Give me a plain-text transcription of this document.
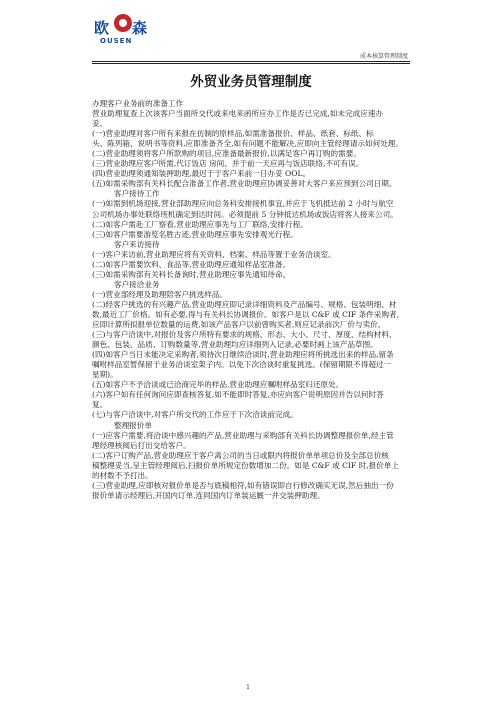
欧 森
OUSEN
成本核算管理制度
外贸业务员管理制度
办理客户业务前的准备工作
营业助理复查上次该客户当面所交代或来电来函所应办工作是否已完成,如未完成应速办
妥。
(一)营业助理对客户所有来报在仿制的原样品,如需准备报价、样品、纸套、标纸、标
头、陈列箱、说明书等资料,应即准备齐全,如有问题不能解决,应即向主管经理请示如何处理。
(二)营业助理须将客户所款购的项目,应准备最新报价,以满足客户再订购的需要。
(三)营业助理应客户所需,代订饭店 房间、并于前一天应再与饭店联络,不可有误。
(四)营业助理须通知装押助理,最迟于于客户来前一日办妥 OOL。
(五)如需采购部有关科长配合准备工作者,营业助理应协调妥善对大客户来应预到公司日期。
客户接待工作
(一)如需到机场迎接,营业部助理应向总务科安排接机事宜,并应于飞机抵达前 2 小时与航空
公司机场办事处联络班机确定到达时间。必须提前 5 分钟抵达机场或饭店将客人接来公司。
(二)如客户需赴工厂察看,营业助理应事先与工厂联络,安排行程。
(三)如客户需要游览名胜古迹,营业助理应事先安排观光行程。
客户来访接待
(一)客户来访前,营业助理应将有关资料、档案、样品等置于业务洽谈室。
(二)如客户需要饮料、食品等,营业助理应通知样品室准备。
(三)如需采购部有关科长备询时,营业助理应事先通知待命。
客户接洽业务
(一)营业部经理及助理陪客户挑选样品。
(二)经客户挑选的有兴趣产品,营业助理应即记录详细资料及产品编号、规格、包装明细、材
数,最近工厂价格。如有必要,得与有关科长协调报价。如客户是以 C&F 或 CIF 条件采购者,
应即计算所拟报单位数量的运费,如该产品客户以前曾购买者,则应记录前次厂价与卖价。
(三)与客户洽谈中,对报价及客户所特有要求的规格、形态、大小、尺寸、厚度、结构材料、
颜色、包装、品质、订购数量等,营业助理均应详细列入记录,必要时画上该产品草图。
(四)如客户当日未能决定采购者,须待次日继续洽谈时,营业助理应将所挑选出来的样品,留条
嘱咐样品室暂保留于业务洽谈室架子内。以免下次洽谈时重复挑选。(保留期限不得超过一
星期)。
(五)如客户不予洽谈或已洽商完毕的样品,营业助理应嘱咐样品室归还原处。
(六)客户如有任何询问应即查核答复,如不能即时答复,亦应向客户说明原因并告以何时答
复。
(七)与客户洽谈中,对客户所交代的工作应于下次洽谈前完成。
整理报价单
(一)应客户需要,将洽谈中感兴趣的产品,营业助理与采购部有关科长协调整理报价单,经主管
理经理核阅后打出交给客户。
(二)客户订购产品,营业助理应于客户离公司的当日或限内将报价单单项总价及全部总价核
稿整理妥当,呈主管经理阅后,扫报价单所规定份数增加二份。如是 C&F 或 CIF 时,报价单上
的材数不予打出。
(三)营业助理,应即核对报价单是否与底稿相符,如有错误即自行修改确实无误,然后抽出一份
报价单请示经理后,开国内订单,连同国内订单装运厩一并交装押助理。
1
